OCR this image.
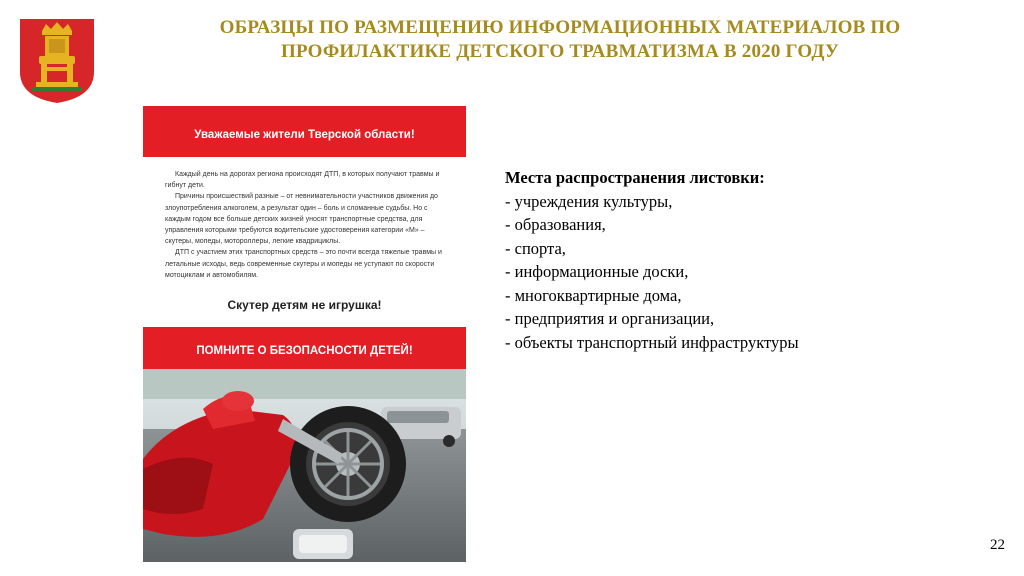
ОБРАЗЦЫ ПО РАЗМЕЩЕНИЮ ИНФОРМАЦИОННЫХ МАТЕРИАЛОВ ПО
ПРОФИЛАКТИКЕ ДЕТСКОГО ТРАВМАТИЗМА В 2020 ГОДУ
Уважаемые жители Тверской области!

Каждый день на дорогах региона происходят ДТП, в которых получают травмы и гибнут дети.

Причины происшествий разные – от невнимательности участников движения до злоупотребления алкоголем, а результат один – боль и сломанные судьбы. Но с каждым годом все больше детских жизней уносят транспортные средства, для управления которыми требуются водительские удостоверения категории «М» – скутеры, мопеды, мотороллеры, легкие квадрициклы.

ДТП с участием этих транспортных средств – это почти всегда тяжелые травмы и летальные исходы, ведь современные скутеры и мопеды не уступают по скорости мотоциклам и автомобилям.

Скутер детям не игрушка!
ПОМНИТЕ О БЕЗОПАСНОСТИ ДЕТЕЙ!
Места распространения листовки:
- учреждения культуры,
- образования,
- спорта,
- информационные доски,
- многоквартирные дома,
- предприятия и организации,
- объекты транспортный инфраструктуры
22
